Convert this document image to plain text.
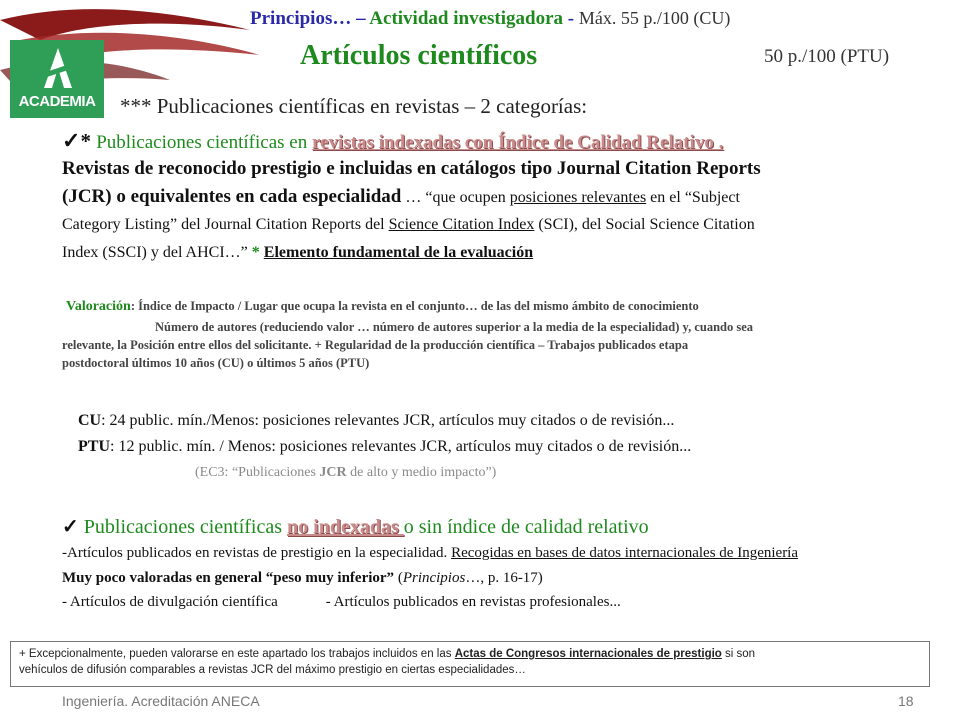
Principios… – Actividad investigadora - Máx. 55 p./100 (CU)
Artículos científicos	50 p./100 (PTU)
ACADEMIA	*** Publicaciones científicas en revistas – 2 categorías:
✓* Publicaciones científicas en revistas indexadas con Índice de Calidad Relativo .
Revistas de reconocido prestigio e incluidas en catálogos tipo Journal Citation Reports
(JCR) o equivalentes en cada especialidad … “que ocupen posiciones relevantes en el “Subject
Category Listing” del Journal Citation Reports del Science Citation Index (SCI), del Social Science Citation
Index (SSCI) y del AHCI…” * Elemento fundamental de la evaluación
Valoración: Índice de Impacto / Lugar que ocupa la revista en el conjunto… de las del mismo ámbito de conocimiento
Número de autores (reduciendo valor … número de autores superior a la media de la especialidad) y, cuando sea
relevante, la Posición entre ellos del solicitante. + Regularidad de la producción científica – Trabajos publicados etapa
postdoctoral últimos 10 años (CU) o últimos 5 años (PTU)
CU: 24 public. mín./Menos: posiciones relevantes JCR, artículos muy citados o de revisión...
PTU: 12 public. mín. / Menos: posiciones relevantes JCR, artículos muy citados o de revisión...
(EC3: “Publicaciones JCR de alto y medio impacto”)
✓ Publicaciones científicas no indexadas o sin índice de calidad relativo
-Artículos publicados en revistas de prestigio en la especialidad. Recogidas en bases de datos internacionales de Ingeniería
Muy poco valoradas en general “peso muy inferior” (Principios…, p. 16-17)
- Artículos de divulgación científica	- Artículos publicados en revistas profesionales...
+ Excepcionalmente, pueden valorarse en este apartado los trabajos incluidos en las Actas de Congresos internacionales de prestigio si son
vehículos de difusión comparables a revistas JCR del máximo prestigio en ciertas especialidades…
Ingeniería. Acreditación ANECA	18
